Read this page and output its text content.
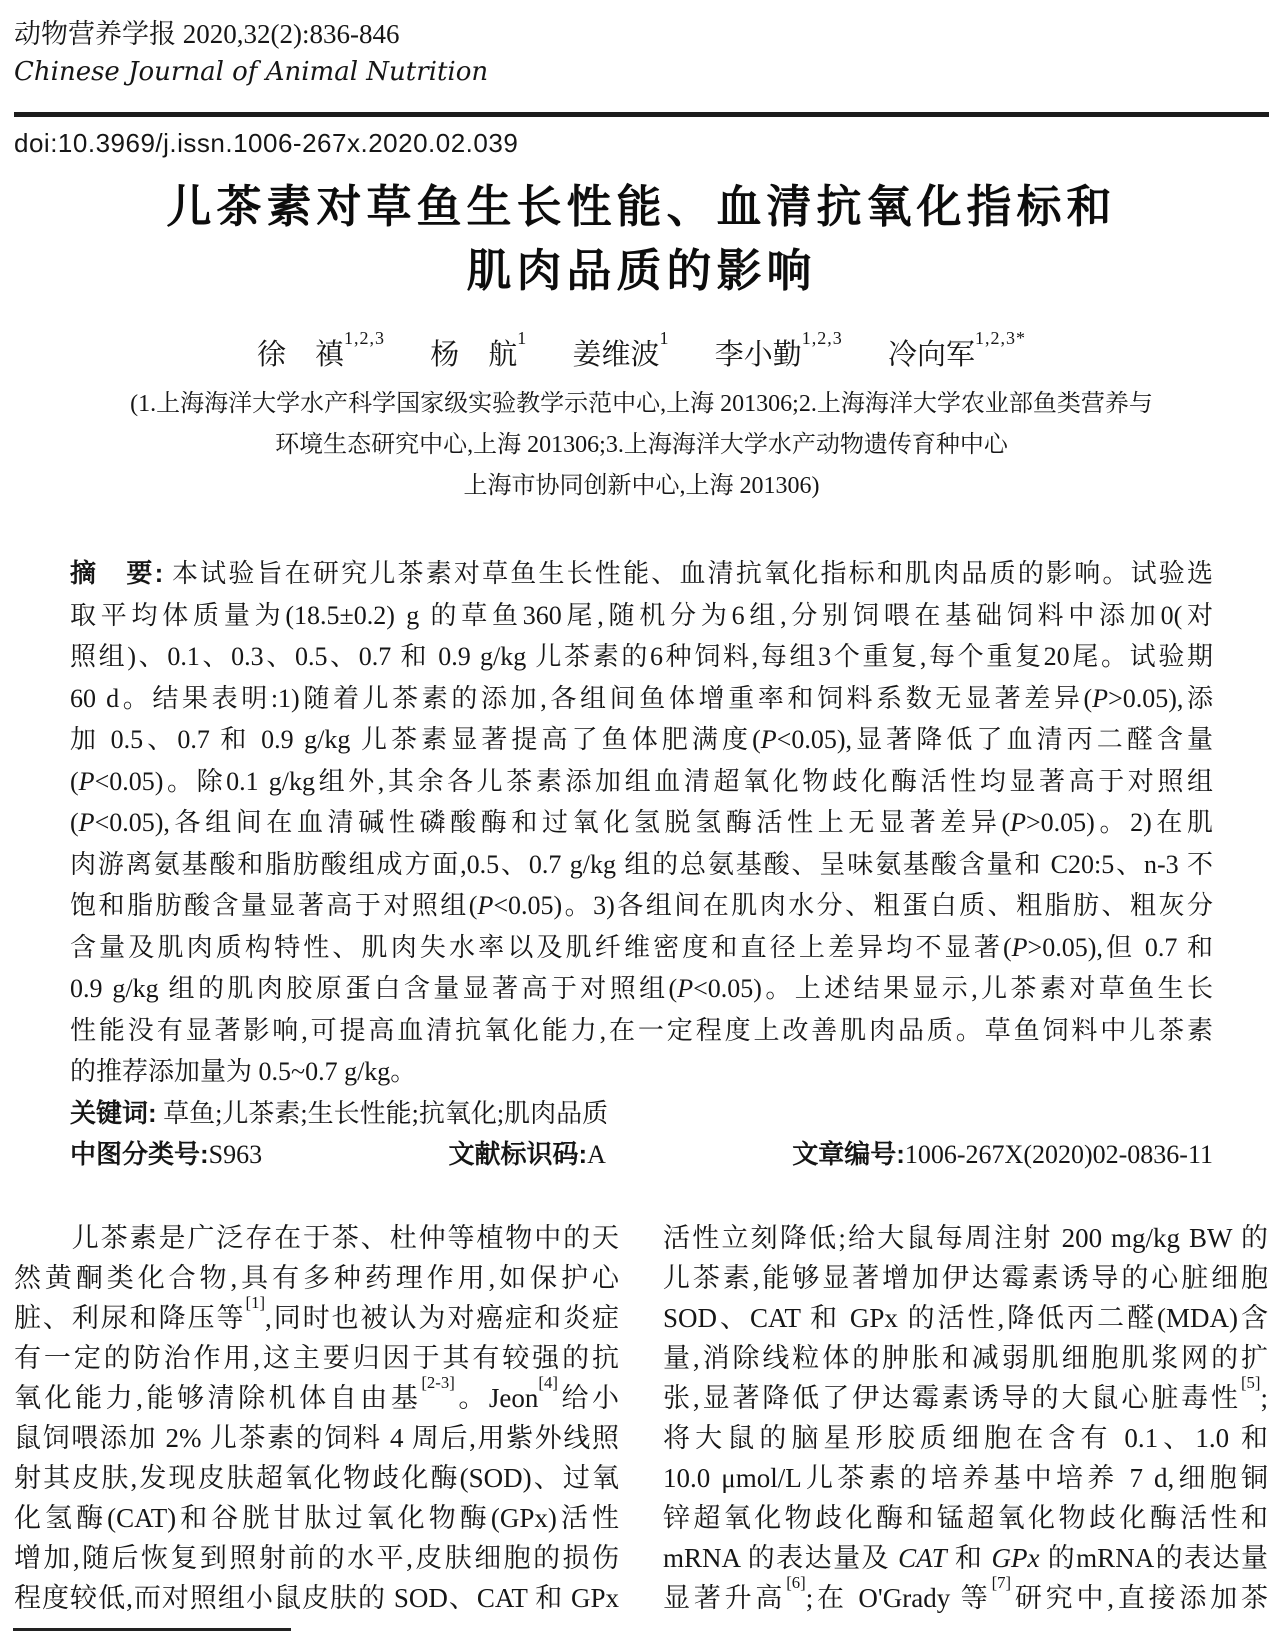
动物营养学报 2020,32(2):836-846
Chinese Journal of Animal Nutrition
doi:10.3969/j.issn.1006-267x.2020.02.039
儿茶素对草鱼生长性能、血清抗氧化指标和
肌肉品质的影响
徐　禛$^{1,2,3}$ 杨　航$^1$ 姜维波$^1$ 李小勤$^{1,2,3}$ 冷向军$^{1,2,3*}$
(1.上海海洋大学水产科学国家级实验教学示范中心,上海 201306;2.上海海洋大学农业部鱼类营养与
环境生态研究中心,上海 201306;3.上海海洋大学水产动物遗传育种中心
上海市协同创新中心,上海 201306)
摘　要: 本试验旨在研究儿茶素对草鱼生长性能、血清抗氧化指标和肌肉品质的影响。试验选
取平均体质量为(18.5±0.2) g 的草鱼360尾,随机分为6组,分别饲喂在基础饲料中添加0(对
照组)、0.1、0.3、0.5、0.7 和 0.9 g/kg 儿茶素的6种饲料,每组3个重复,每个重复20尾。试验期
60 d。结果表明:1)随着儿茶素的添加,各组间鱼体增重率和饲料系数无显著差异(P>0.05),添
加 0.5、0.7 和 0.9 g/kg 儿茶素显著提高了鱼体肥满度(P<0.05),显著降低了血清丙二醛含量
(P<0.05)。除0.1 g/kg组外,其余各儿茶素添加组血清超氧化物歧化酶活性均显著高于对照组
(P<0.05),各组间在血清碱性磷酸酶和过氧化氢脱氢酶活性上无显著差异(P>0.05)。2)在肌
肉游离氨基酸和脂肪酸组成方面,0.5、0.7 g/kg 组的总氨基酸、呈味氨基酸含量和 C20:5、n-3 不
饱和脂肪酸含量显著高于对照组(P<0.05)。3)各组间在肌肉水分、粗蛋白质、粗脂肪、粗灰分
含量及肌肉质构特性、肌肉失水率以及肌纤维密度和直径上差异均不显著(P>0.05),但 0.7 和
0.9 g/kg 组的肌肉胶原蛋白含量显著高于对照组(P<0.05)。上述结果显示,儿茶素对草鱼生长
性能没有显著影响,可提高血清抗氧化能力,在一定程度上改善肌肉品质。草鱼饲料中儿茶素
的推荐添加量为 0.5~0.7 g/kg。
关键词: 草鱼;儿茶素;生长性能;抗氧化;肌肉品质
中图分类号:S963	文献标识码:A	文章编号:1006-267X(2020)02-0836-11
　　儿茶素是广泛存在于茶、杜仲等植物中的天
然黄酮类化合物,具有多种药理作用,如保护心
脏、利尿和降压等[1],同时也被认为对癌症和炎症
有一定的防治作用,这主要归因于其有较强的抗
氧化能力,能够清除机体自由基[2-3]。Jeon[4]给小
鼠饲喂添加 2% 儿茶素的饲料 4 周后,用紫外线照
射其皮肤,发现皮肤超氧化物歧化酶(SOD)、过氧
化氢酶(CAT)和谷胱甘肽过氧化物酶(GPx)活性
增加,随后恢复到照射前的水平,皮肤细胞的损伤
程度较低,而对照组小鼠皮肤的 SOD、CAT 和 GPx
活性立刻降低;给大鼠每周注射 200 mg/kg BW 的
儿茶素,能够显著增加伊达霉素诱导的心脏细胞
SOD、CAT 和 GPx 的活性,降低丙二醛(MDA)含
量,消除线粒体的肿胀和减弱肌细胞肌浆网的扩
张,显著降低了伊达霉素诱导的大鼠心脏毒性[5];
将大鼠的脑星形胶质细胞在含有 0.1、1.0 和
10.0 μmol/L儿茶素的培养基中培养 7 d,细胞铜
锌超氧化物歧化酶和锰超氧化物歧化酶活性和
mRNA 的表达量及 CAT 和 GPx 的mRNA的表达量
显著升高[6];在 O'Grady 等[7]研究中,直接添加茶
